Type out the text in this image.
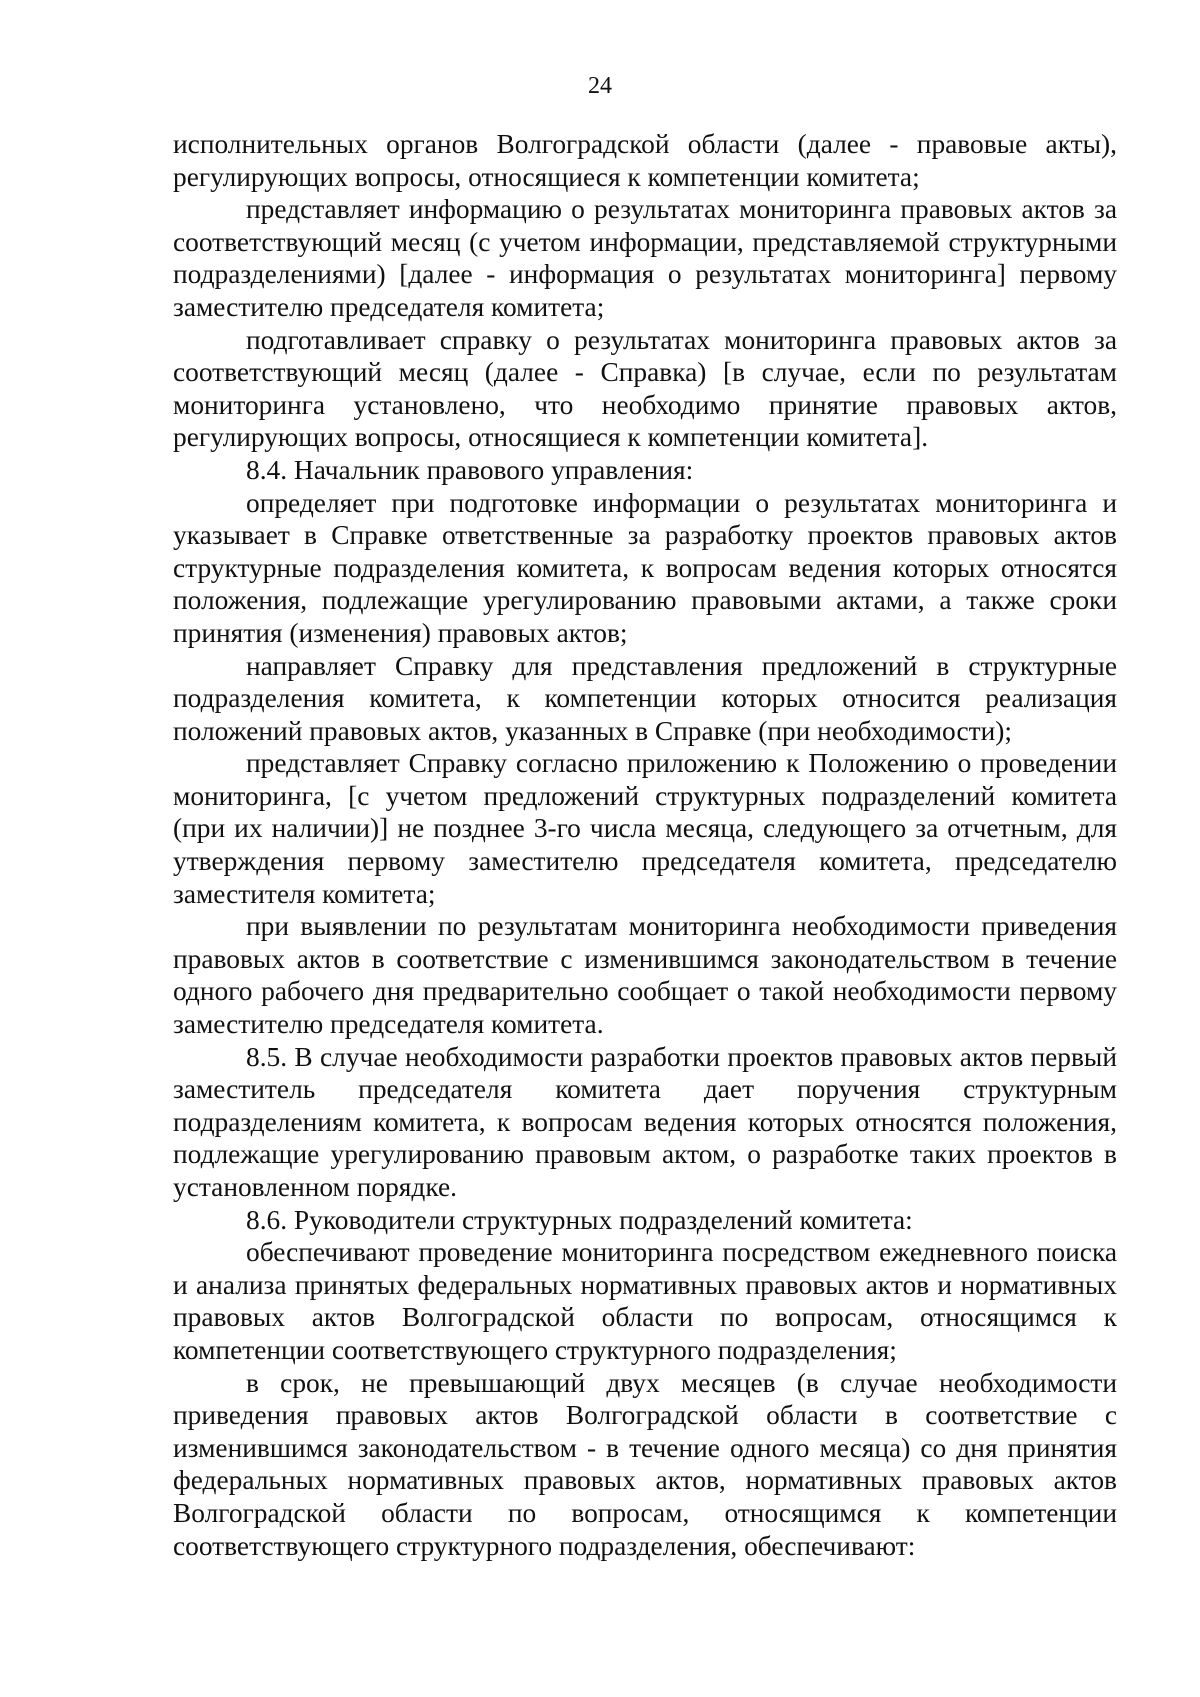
24

исполнительных органов Волгоградской области (далее - правовые акты), регулирующих вопросы, относящиеся к компетенции комитета;

представляет информацию о результатах мониторинга правовых актов за соответствующий месяц (с учетом информации, представляемой структурными подразделениями) [далее - информация о результатах мониторинга] первому заместителю председателя комитета;

подготавливает справку о результатах мониторинга правовых актов за соответствующий месяц (далее - Справка) [в случае, если по результатам мониторинга установлено, что необходимо принятие правовых актов, регулирующих вопросы, относящиеся к компетенции комитета].

8.4. Начальник правового управления:

определяет при подготовке информации о результатах мониторинга и указывает в Справке ответственные за разработку проектов правовых актов структурные подразделения комитета, к вопросам ведения которых относятся положения, подлежащие урегулированию правовыми актами, а также сроки принятия (изменения) правовых актов;

направляет Справку для представления предложений в структурные подразделения комитета, к компетенции которых относится реализация положений правовых актов, указанных в Справке (при необходимости);

представляет Справку согласно приложению к Положению о проведении мониторинга, [с учетом предложений структурных подразделений комитета (при их наличии)] не позднее 3-го числа месяца, следующего за отчетным, для утверждения первому заместителю председателя комитета, председателю заместителя комитета;

при выявлении по результатам мониторинга необходимости приведения правовых актов в соответствие с изменившимся законодательством в течение одного рабочего дня предварительно сообщает о такой необходимости первому заместителю председателя комитета.

8.5. В случае необходимости разработки проектов правовых актов первый заместитель председателя комитета дает поручения структурным подразделениям комитета, к вопросам ведения которых относятся положения, подлежащие урегулированию правовым актом, о разработке таких проектов в установленном порядке.

8.6. Руководители структурных подразделений комитета:

обеспечивают проведение мониторинга посредством ежедневного поиска и анализа принятых федеральных нормативных правовых актов и нормативных правовых актов Волгоградской области по вопросам, относящимся к компетенции соответствующего структурного подразделения;

в срок, не превышающий двух месяцев (в случае необходимости приведения правовых актов Волгоградской области в соответствие с изменившимся законодательством - в течение одного месяца) со дня принятия федеральных нормативных правовых актов, нормативных правовых актов Волгоградской области по вопросам, относящимся к компетенции соответствующего структурного подразделения, обеспечивают:
